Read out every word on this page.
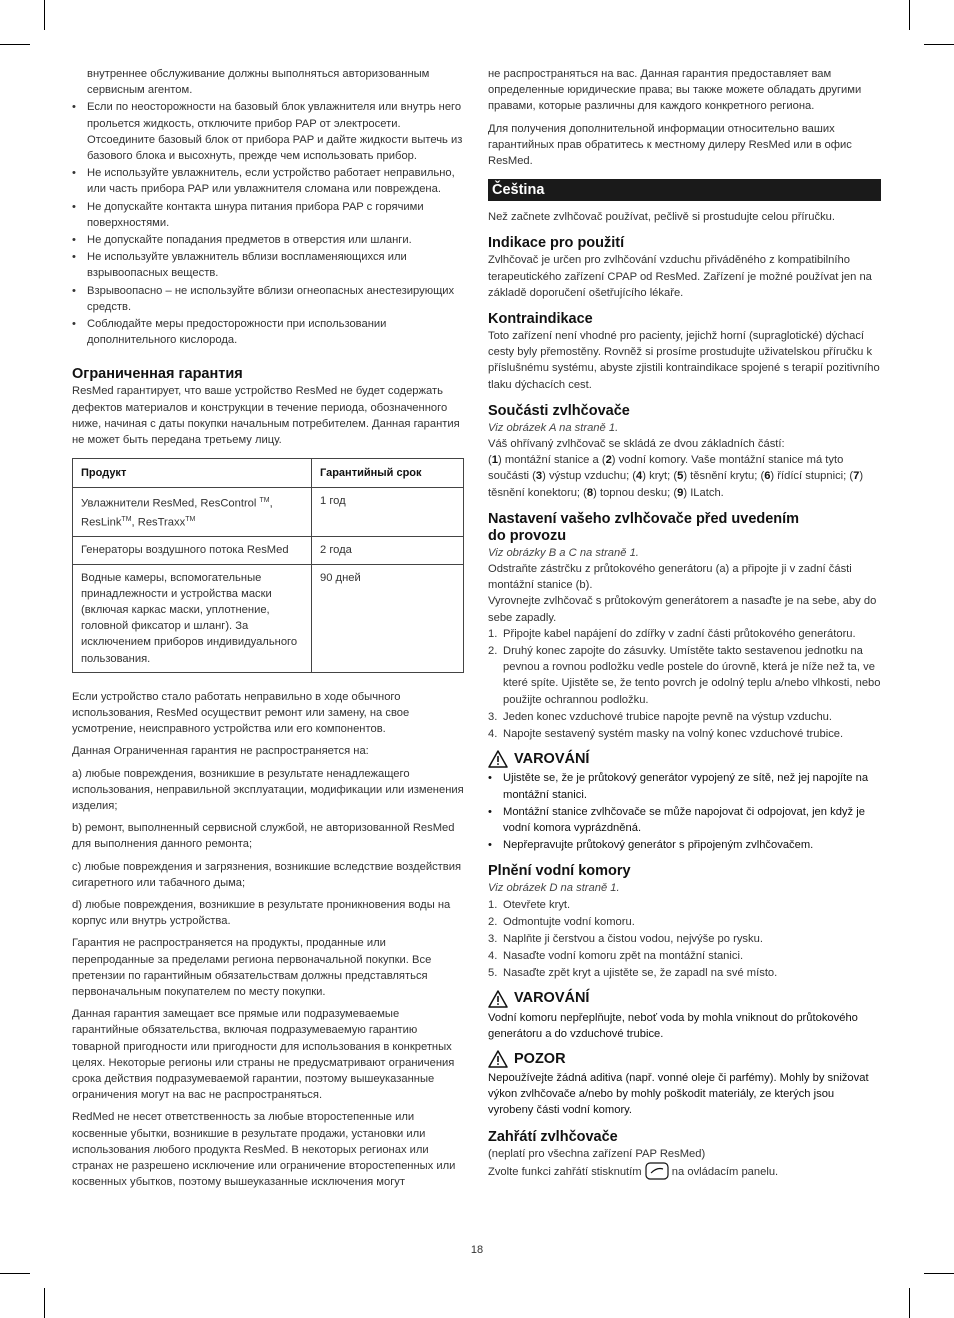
внутреннее обслуживание должны выполняться авторизованным сервисным агентом.
• Если по неосторожности на базовый блок увлажнителя или внутрь него прольется жидкость, отключите прибор PAP от электросети. Отсоедините базовый блок от прибора PAP и дайте жидкости вытечь из базового блока и высохнуть, прежде чем использовать прибор.
• Не используйте увлажнитель, если устройство работает неправильно, или часть прибора PAP или увлажнителя сломана или повреждена.
• Не допускайте контакта шнура питания прибора PAP с горячими поверхностями.
• Не допускайте попадания предметов в отверстия или шланги.
• Не используйте увлажнитель вблизи воспламеняющихся или взрывоопасных веществ.
• Взрывоопасно – не используйте вблизи огнеопасных анестезирующих средств.
• Соблюдайте меры предосторожности при использовании дополнительного кислорода.
Ограниченная гарантия

ResMed гарантирует, что ваше устройство ResMed не будет содержать дефектов материалов и конструкции в течение периода, обозначенного ниже, начиная с даты покупки начальным потребителем. Данная гарантия не может быть передана третьему лицу.

Продукт	Гарантийный срок
Увлажнители ResMed, ResControl ™, ResLink™, ResTraxx™	1 год
Генераторы воздушного потока ResMed	2 года
Водные камеры, вспомогательные принадлежности и устройства маски (включая каркас маски, уплотнение, головной фиксатор и шланг). За исключением приборов индивидуального пользования.	90 дней

Если устройство стало работать неправильно в ходе обычного использования, ResMed осуществит ремонт или замену, на свое усмотрение, неисправного устройства или его компонентов.

Данная Ограниченная гарантия не распространяется на:

a) любые повреждения, возникшие в результате ненадлежащего использования, неправильной эксплуатации, модификации или изменения изделия;

b) ремонт, выполненный сервисной службой, не авторизованной ResMed для выполнения данного ремонта;

c) любые повреждения и загрязнения, возникшие вследствие воздействия сигаретного или табачного дыма;

d) любые повреждения, возникшие в результате проникновения воды на корпус или внутрь устройства.

Гарантия не распространяется на продукты, проданные или перепроданные за пределами региона первоначальной покупки. Все претензии по гарантийным обязательствам должны представляться первоначальным покупателем по месту покупки.

Данная гарантия замещает все прямые или подразумеваемые гарантийные обязательства, включая подразумеваемую гарантию товарной пригодности или пригодности для использования в конкретных целях. Некоторые регионы или страны не предусматривают ограничения срока действия подразумеваемой гарантии, поэтому вышеуказанные ограничения могут на вас не распространяться.

RedMed не несет ответственность за любые второстепенные или косвенные убытки, возникшие в результате продажи, установки или использования любого продукта ResMed. В некоторых регионах или странах не разрешено исключение или ограничение второстепенных или косвенных убытков, поэтому вышеуказанные исключения могут

не распространяться на вас. Данная гарантия предоставляет вам определенные юридические права; вы также можете обладать другими правами, которые различны для каждого конкретного региона.

Для получения дополнительной информации относительно ваших гарантийных прав обратитесь к местному дилеру ResMed или в офис ResMed.

Čeština

Než začnete zvlhčovač používat, pečlivě si prostudujte celou příručku.

Indikace pro použití

Zvlhčovač je určen pro zvlhčování vzduchu přiváděného z kompatibilního terapeutického zařízení CPAP od ResMed. Zařízení je možné používat jen na základě doporučení ošetřujícího lékaře.

Kontraindikace

Toto zařízení není vhodné pro pacienty, jejichž horní (supraglotické) dýchací cesty byly přemostěny. Rovněž si prosíme prostudujte uživatelskou příručku k příslušnému systému, abyste zjistili kontraindikace spojené s terapií pozitivního tlaku dýchacích cest.

Součásti zvlhčovače

Viz obrázek A na straně 1.

Váš ohřívaný zvlhčovač se skládá ze dvou základních částí:

(1) montážní stanice a (2) vodní komory. Vaše montážní stanice má tyto součásti (3) výstup vzduchu; (4) kryt; (5) těsnění krytu; (6) řídící stupnici; (7) těsnění konektoru; (8) topnou desku; (9) ILatch.

Nastavení vašeho zvlhčovače před uvedením
do provozu

Viz obrázky B a C na straně 1.

Odstraňte zástrčku z průtokového generátoru (a) a připojte ji v zadní části montážní stanice (b).

Vyrovnejte zvlhčovač s průtokovým generátorem a nasaďte je na sebe, aby do sebe zapadly.

1. Připojte kabel napájení do zdířky v zadní části průtokového generátoru.
2. Druhý konec zapojte do zásuvky. Umístěte takto sestavenou jednotku na pevnou a rovnou podložku vedle postele do úrovně, která je níže než ta, ve které spíte. Ujistěte se, že tento povrch je odolný teplu a/nebo vlhkosti, nebo použijte ochrannou podložku.
3. Jeden konec vzduchové trubice napojte pevně na výstup vzduchu.
4. Napojte sestavený systém masky na volný konec vzduchové trubice.
VAROVÁNÍ
• Ujistěte se, že je průtokový generátor vypojený ze sítě, než jej napojíte na montážní stanici.
• Montážní stanice zvlhčovače se může napojovat či odpojovat, jen když je vodní komora vyprázdněná.
• Nepřepravujte průtokový generátor s připojeným zvlhčovačem.
Plnění vodní komory

Viz obrázek D na straně 1.

1. Otevřete kryt.
2. Odmontujte vodní komoru.
3. Naplňte ji čerstvou a čistou vodou, nejvýše po rysku.
4. Nasaďte vodní komoru zpět na montážní stanici.
5. Nasaďte zpět kryt a ujistěte se, že zapadl na své místo.
VAROVÁNÍ

Vodní komoru nepřeplňujte, neboť voda by mohla vniknout do průtokového generátoru a do vzduchové trubice.

POZOR

Nepoužívejte žádná aditiva (např. vonné oleje či parfémy). Mohly by snižovat výkon zvlhčovače a/nebo by mohly poškodit materiály, ze kterých jsou vyrobeny části vodní komory.

Zahřátí zvlhčovače

(neplatí pro všechna zařízení PAP ResMed)

Zvolte funkci zahřátí stisknutím  na ovládacím panelu.

18
